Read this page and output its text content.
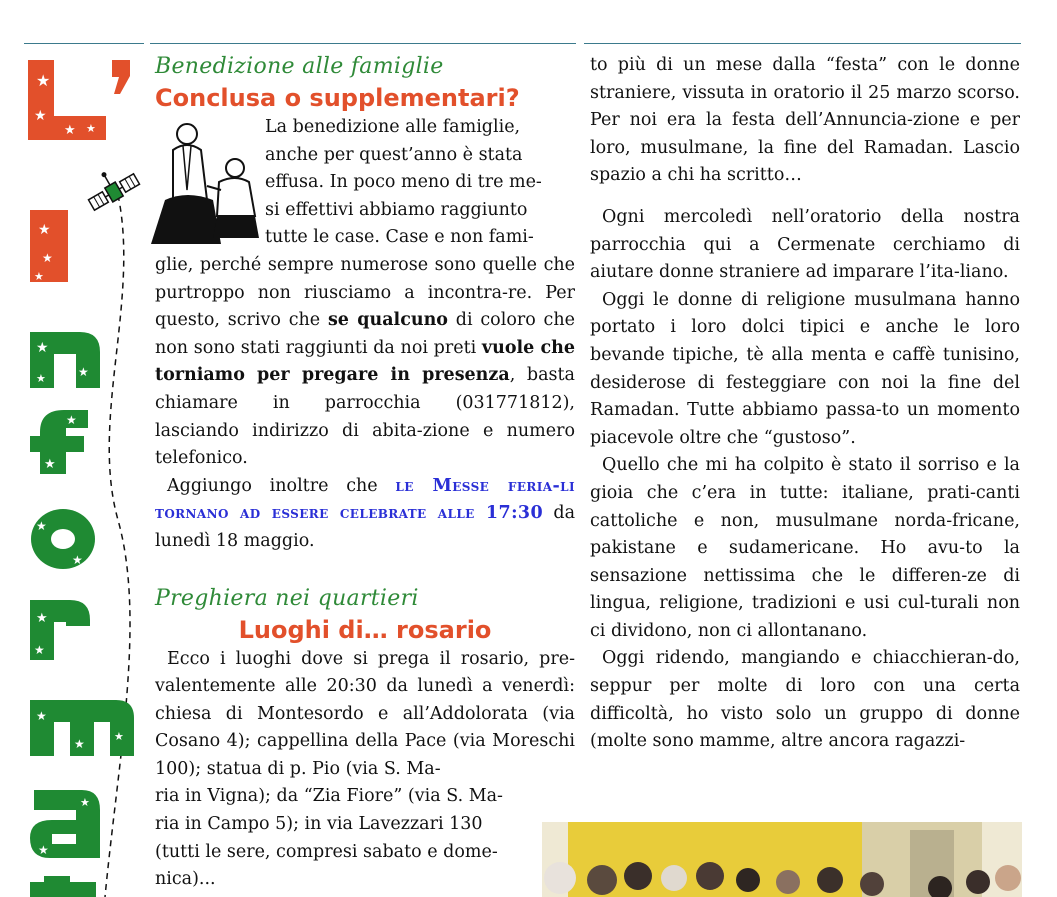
★
★
★ ★
★
★
★
★
★
★
★
★
★
★
★
★
★
★
★
★
★
Benedizione alle famiglie
Conclusa o supplementari?

La benedizione alle famiglie,

anche per quest’anno è stata

effusa. In poco meno di tre me-

si effettivi abbiamo raggiunto

tutte le case. Case e non fami-

glie, perché sempre numerose sono quelle che purtroppo non riusciamo a incontra-re. Per questo, scrivo che se qualcuno di coloro che non sono stati raggiunti da noi preti vuole che torniamo per pregare in presenza, basta chiamare in parrocchia (031771812), lasciando indirizzo di abita-zione e numero telefonico.

Aggiungo inoltre che le Messe feria-li tornano ad essere celebrate alle 17:30 da lunedì 18 maggio.

Preghiera nei quartieri
Luoghi di… rosario

Ecco i luoghi dove si prega il rosario, pre-valentemente alle 20:30 da lunedì a venerdì: chiesa di Montesordo e all’Addolorata (via Cosano 4); cappellina della Pace (via Moreschi 100); statua di p. Pio (via S. Ma-

ria in Vigna); da “Zia Fiore” (via S. Ma-

ria in Campo 5); in via Lavezzari 130

(tutti le sere, compresi sabato e dome-

nica)...

to più di un mese dalla “festa” con le donne straniere, vissuta in oratorio il 25 marzo scorso. Per noi era la festa dell’Annuncia-zione e per loro, musulmane, la fine del Ramadan. Lascio spazio a chi ha scritto…

Ogni mercoledì nell’oratorio della nostra parrocchia qui a Cermenate cerchiamo di aiutare donne straniere ad imparare l’ita-liano.

Oggi le donne di religione musulmana hanno portato i loro dolci tipici e anche le loro bevande tipiche, tè alla menta e caffè tunisino, desiderose di festeggiare con noi la fine del Ramadan. Tutte abbiamo passa-to un momento piacevole oltre che “gustoso”.

Quello che mi ha colpito è stato il sorriso e la gioia che c’era in tutte: italiane, prati-canti cattoliche e non, musulmane norda-fricane, pakistane e sudamericane. Ho avu-to la sensazione nettissima che le differen-ze di lingua, religione, tradizioni e usi cul-turali non ci dividono, non ci allontanano.

Oggi ridendo, mangiando e chiacchieran-do, seppur per molte di loro con una certa difficoltà, ho visto solo un gruppo di donne (molte sono mamme, altre ancora ragazzi-
